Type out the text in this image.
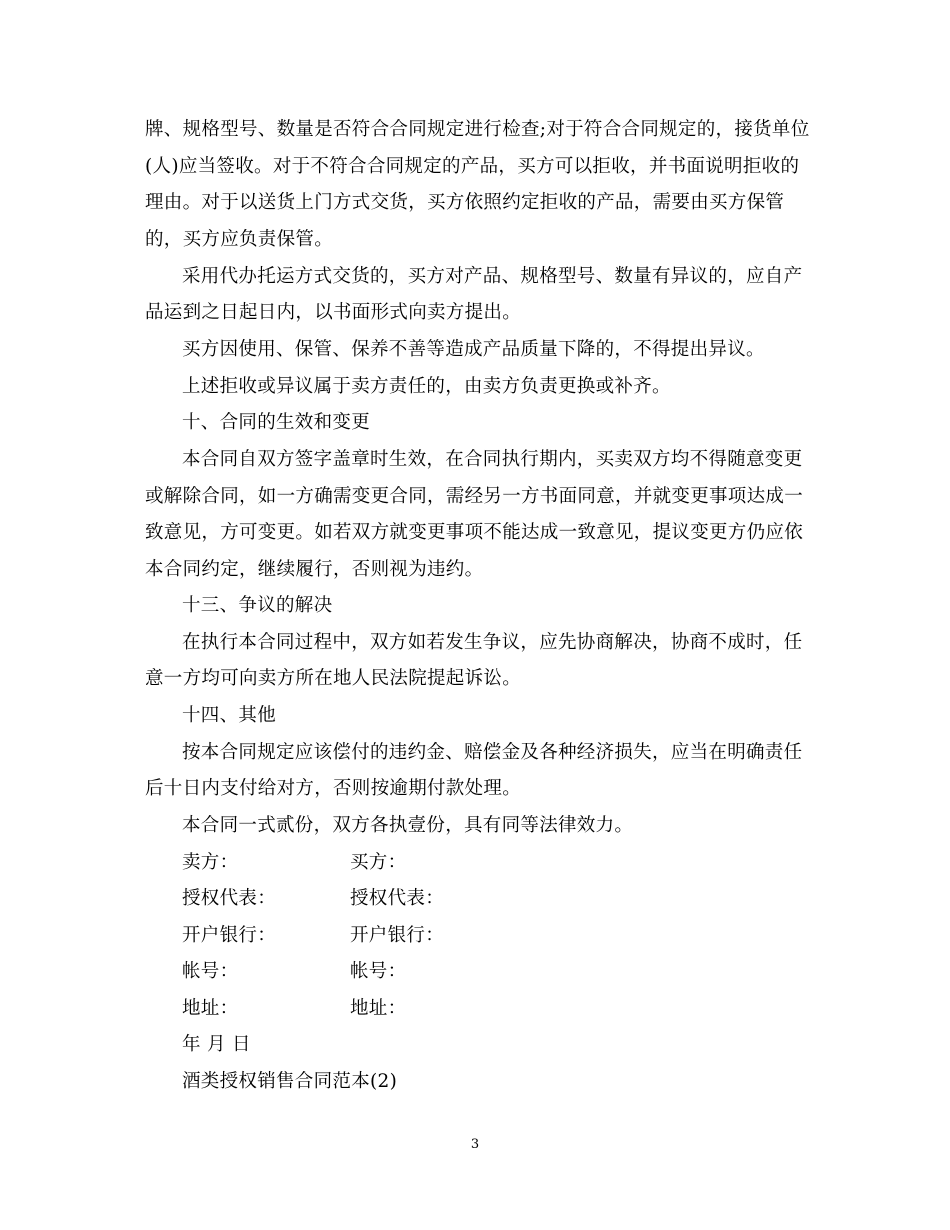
牌、规格型号、数量是否符合合同规定进行检查;对于符合合同规定的，接货单位
(人)应当签收。对于不符合合同规定的产品，买方可以拒收，并书面说明拒收的
理由。对于以送货上门方式交货，买方依照约定拒收的产品，需要由买方保管
的，买方应负责保管。
采用代办托运方式交货的，买方对产品、规格型号、数量有异议的，应自产
品运到之日起日内，以书面形式向卖方提出。
买方因使用、保管、保养不善等造成产品质量下降的，不得提出异议。
上述拒收或异议属于卖方责任的，由卖方负责更换或补齐。
十、合同的生效和变更
本合同自双方签字盖章时生效，在合同执行期内，买卖双方均不得随意变更
或解除合同，如一方确需变更合同，需经另一方书面同意，并就变更事项达成一
致意见，方可变更。如若双方就变更事项不能达成一致意见，提议变更方仍应依
本合同约定，继续履行，否则视为违约。
十三、争议的解决
在执行本合同过程中，双方如若发生争议，应先协商解决，协商不成时，任
意一方均可向卖方所在地人民法院提起诉讼。
十四、其他
按本合同规定应该偿付的违约金、赔偿金及各种经济损失，应当在明确责任
后十日内支付给对方，否则按逾期付款处理。
本合同一式贰份，双方各执壹份，具有同等法律效力。
卖方：	买方：
授权代表：	授权代表：
开户银行：	开户银行：
帐号：	帐号：
地址：	地址：
年 月 日
酒类授权销售合同范本(2)
3
